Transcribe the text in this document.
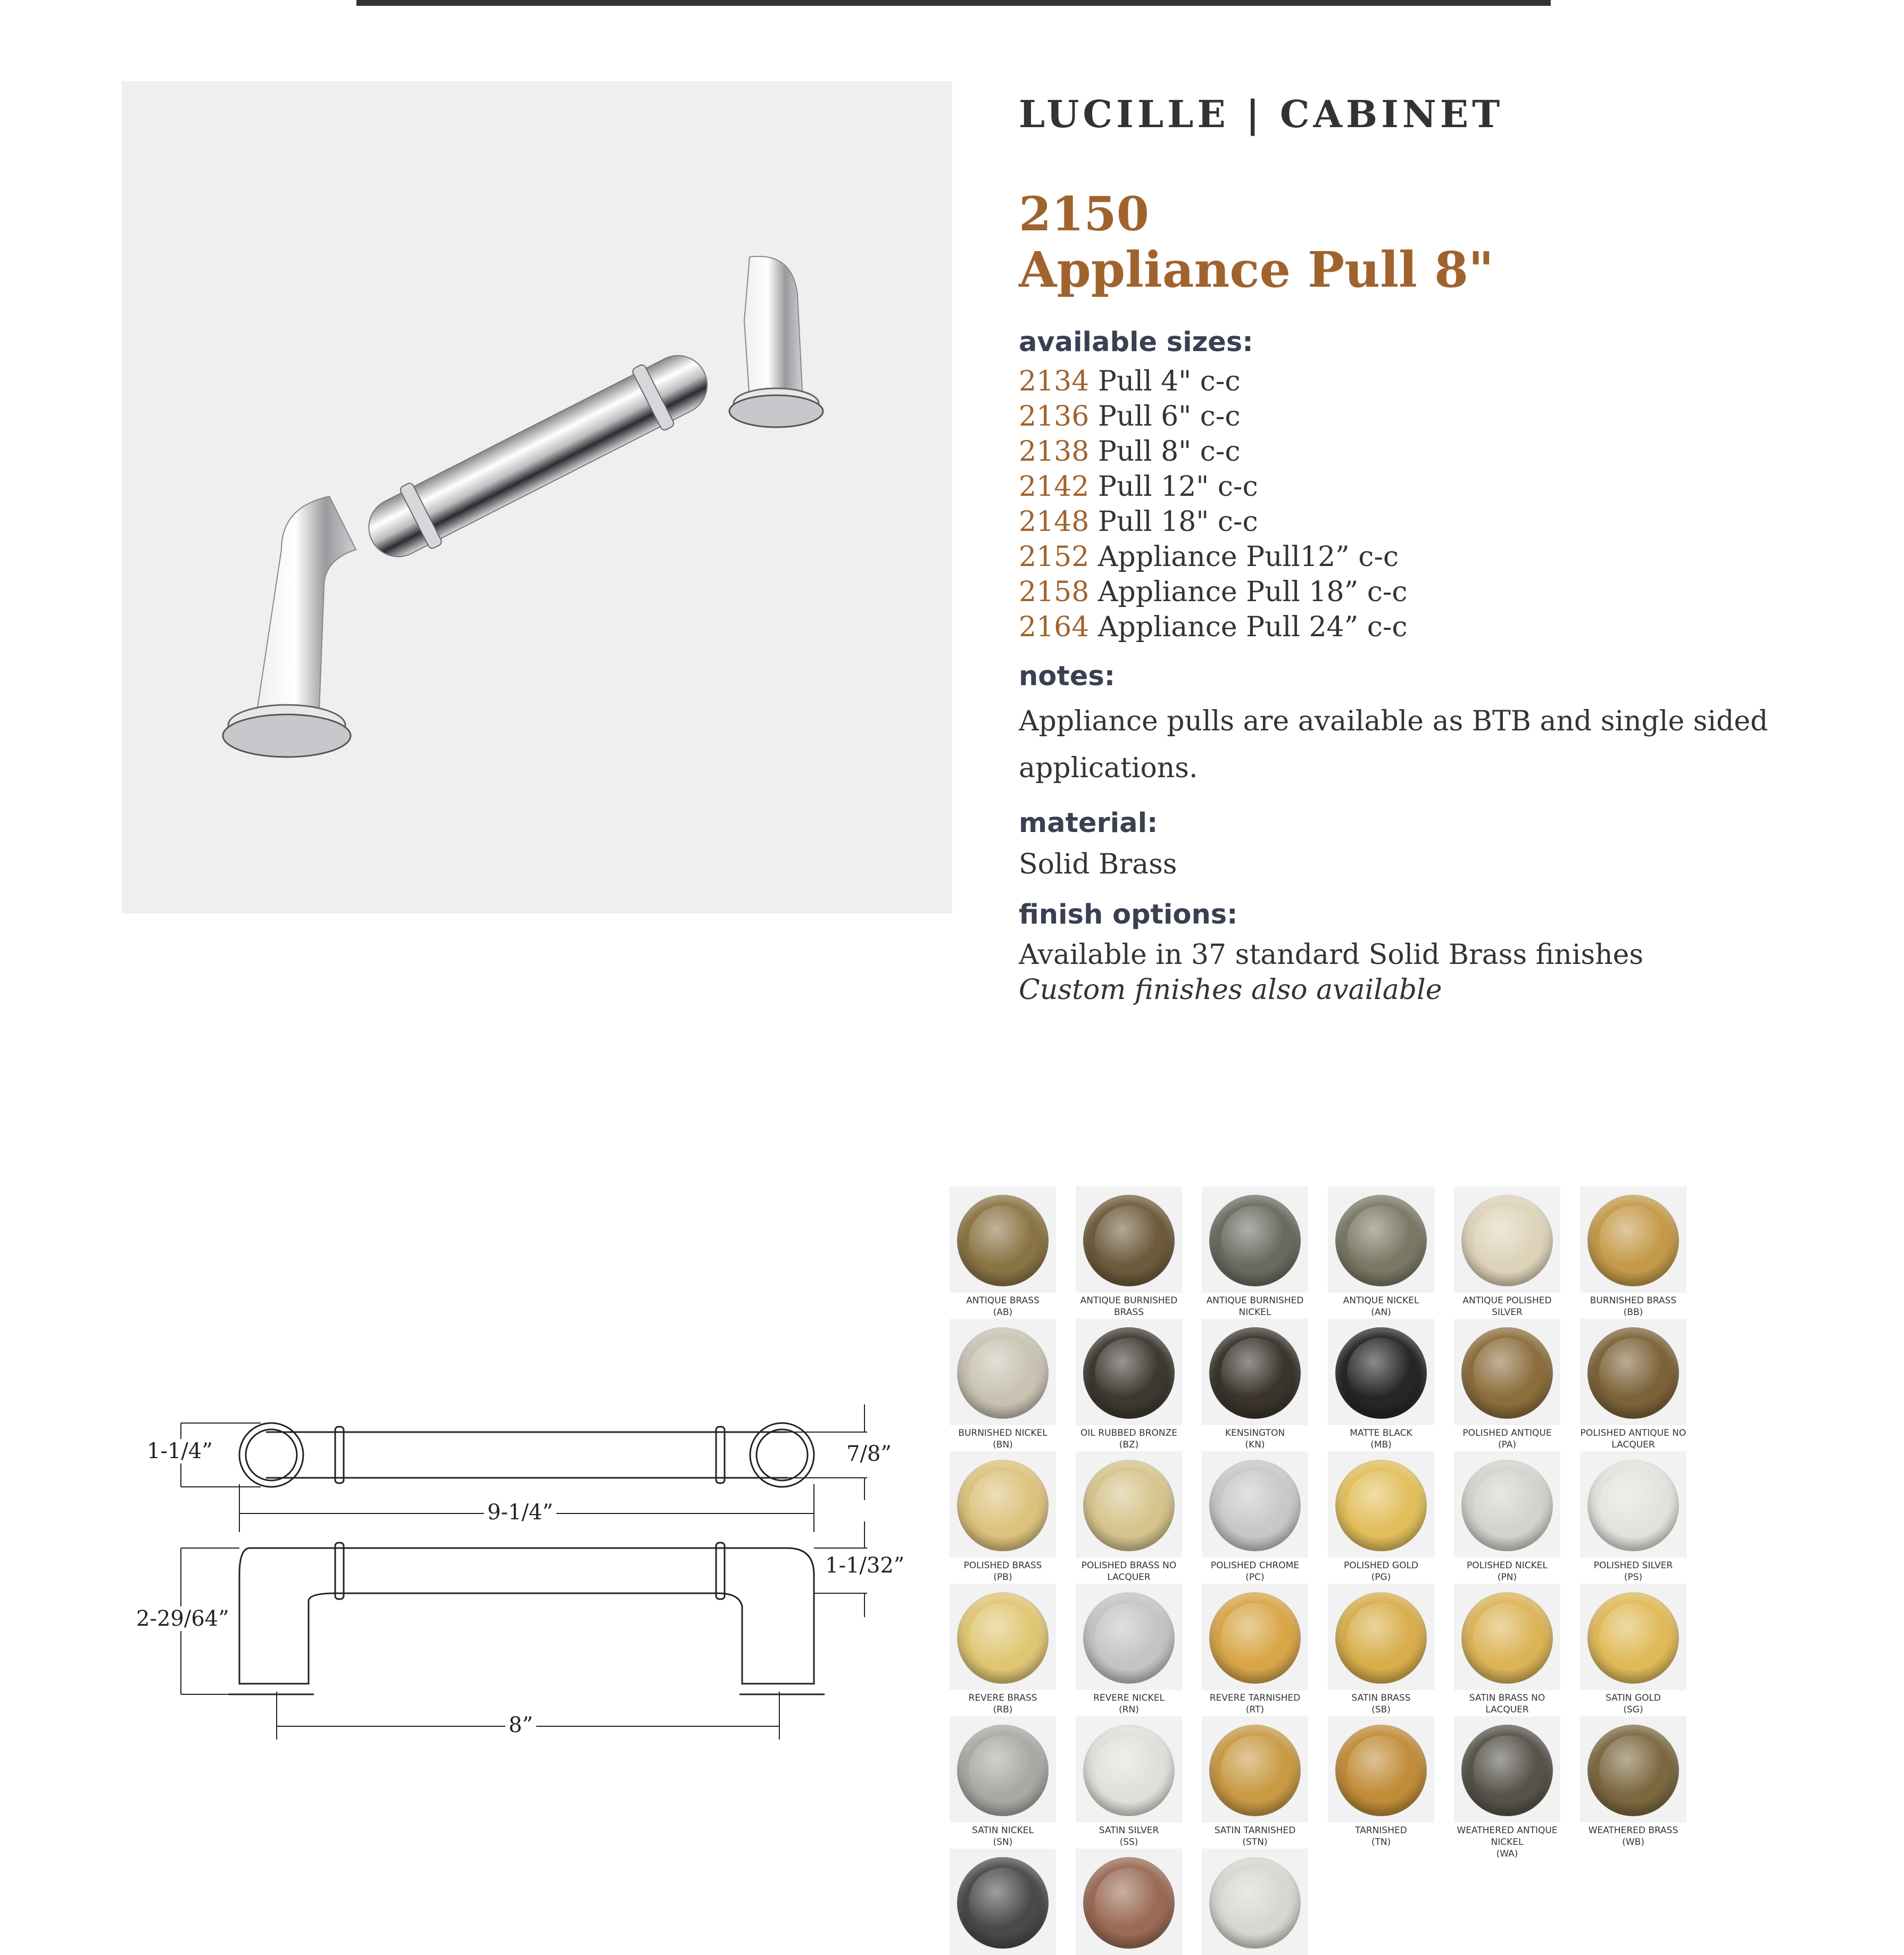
LUCILLE | CABINET
2150
Appliance Pull 8"
available sizes:
2134 Pull 4" c-c
2136 Pull 6" c-c
2138 Pull 8" c-c
2142 Pull 12" c-c
2148 Pull 18" c-c
2152 Appliance Pull12” c-c
2158 Appliance Pull 18” c-c
2164 Appliance Pull 24” c-c
notes:
Appliance pulls are available as BTB and single sided applications.
material:
Solid Brass
finish options:
Available in 37 standard Solid Brass finishes
Custom finishes also available
1-1/4”
9-1/4”
7/8”
1-1/32”
2-29/64”
8”
ANTIQUE BRASS
(AB)
ANTIQUE BURNISHED BRASS
ANTIQUE BURNISHED NICKEL
ANTIQUE NICKEL
(AN)
ANTIQUE POLISHED SILVER
BURNISHED BRASS
(BB)
BURNISHED NICKEL
(BN)
OIL RUBBED BRONZE
(BZ)
KENSINGTON
(KN)
MATTE BLACK
(MB)
POLISHED ANTIQUE
(PA)
POLISHED ANTIQUE NO LACQUER
POLISHED BRASS
(PB)
POLISHED BRASS NO LACQUER
POLISHED CHROME
(PC)
POLISHED GOLD
(PG)
POLISHED NICKEL
(PN)
POLISHED SILVER
(PS)
REVERE BRASS
(RB)
REVERE NICKEL
(RN)
REVERE TARNISHED
(RT)
SATIN BRASS
(SB)
SATIN BRASS NO LACQUER
SATIN GOLD
(SG)
SATIN NICKEL
(SN)
SATIN SILVER
(SS)
SATIN TARNISHED
(STN)
TARNISHED
(TN)
WEATHERED ANTIQUE NICKEL
(WA)
WEATHERED BRASS
(WB)
